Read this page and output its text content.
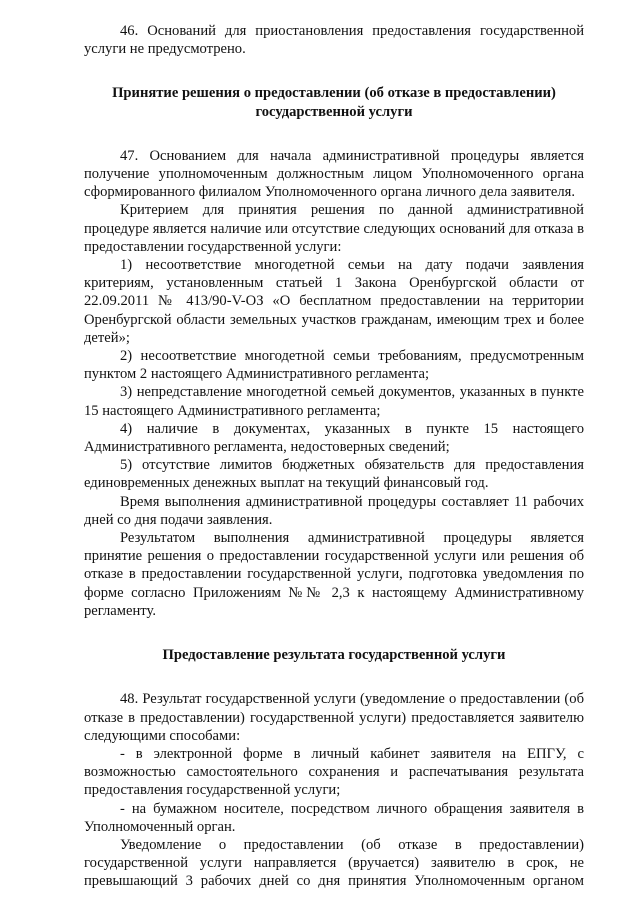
46. Оснований для приостановления предоставления государственной услуги не предусмотрено.

Принятие решения о предоставлении (об отказе в предоставлении) государственной услуги

47. Основанием для начала административной процедуры является получение уполномоченным должностным лицом Уполномоченного органа сформированного филиалом Уполномоченного органа личного дела заявителя.

Критерием для принятия решения по данной административной процедуре является наличие или отсутствие следующих оснований для отказа в предоставлении государственной услуги:

1) несоответствие многодетной семьи на дату подачи заявления критериям, установленным статьей 1 Закона Оренбургской области от 22.09.2011 № 413/90-V-ОЗ «О бесплатном предоставлении на территории Оренбургской области земельных участков гражданам, имеющим трех и более детей»;

2) несоответствие многодетной семьи требованиям, предусмотренным пунктом 2 настоящего Административного регламента;

3) непредставление многодетной семьей документов, указанных в пункте 15 настоящего Административного регламента;

4) наличие в документах, указанных в пункте 15 настоящего Административного регламента, недостоверных сведений;

5) отсутствие лимитов бюджетных обязательств для предоставления единовременных денежных выплат на текущий финансовый год.

Время выполнения административной процедуры составляет 11 рабочих дней со дня подачи заявления.

Результатом выполнения административной процедуры является принятие решения о предоставлении государственной услуги или решения об отказе в предоставлении государственной услуги, подготовка уведомления по форме согласно Приложениям №№ 2,3 к настоящему Административному регламенту.

Предоставление результата государственной услуги

48. Результат государственной услуги (уведомление о предоставлении (об отказе в предоставлении) государственной услуги) предоставляется заявителю следующими способами:

- в электронной форме в личный кабинет заявителя на ЕПГУ, с возможностью самостоятельного сохранения и распечатывания результата предоставления государственной услуги;

- на бумажном носителе, посредством личного обращения заявителя в Уполномоченный орган.

Уведомление о предоставлении (об отказе в предоставлении) государственной услуги направляется (вручается) заявителю в срок, не превышающий 3 рабочих дней со дня принятия Уполномоченным органом
